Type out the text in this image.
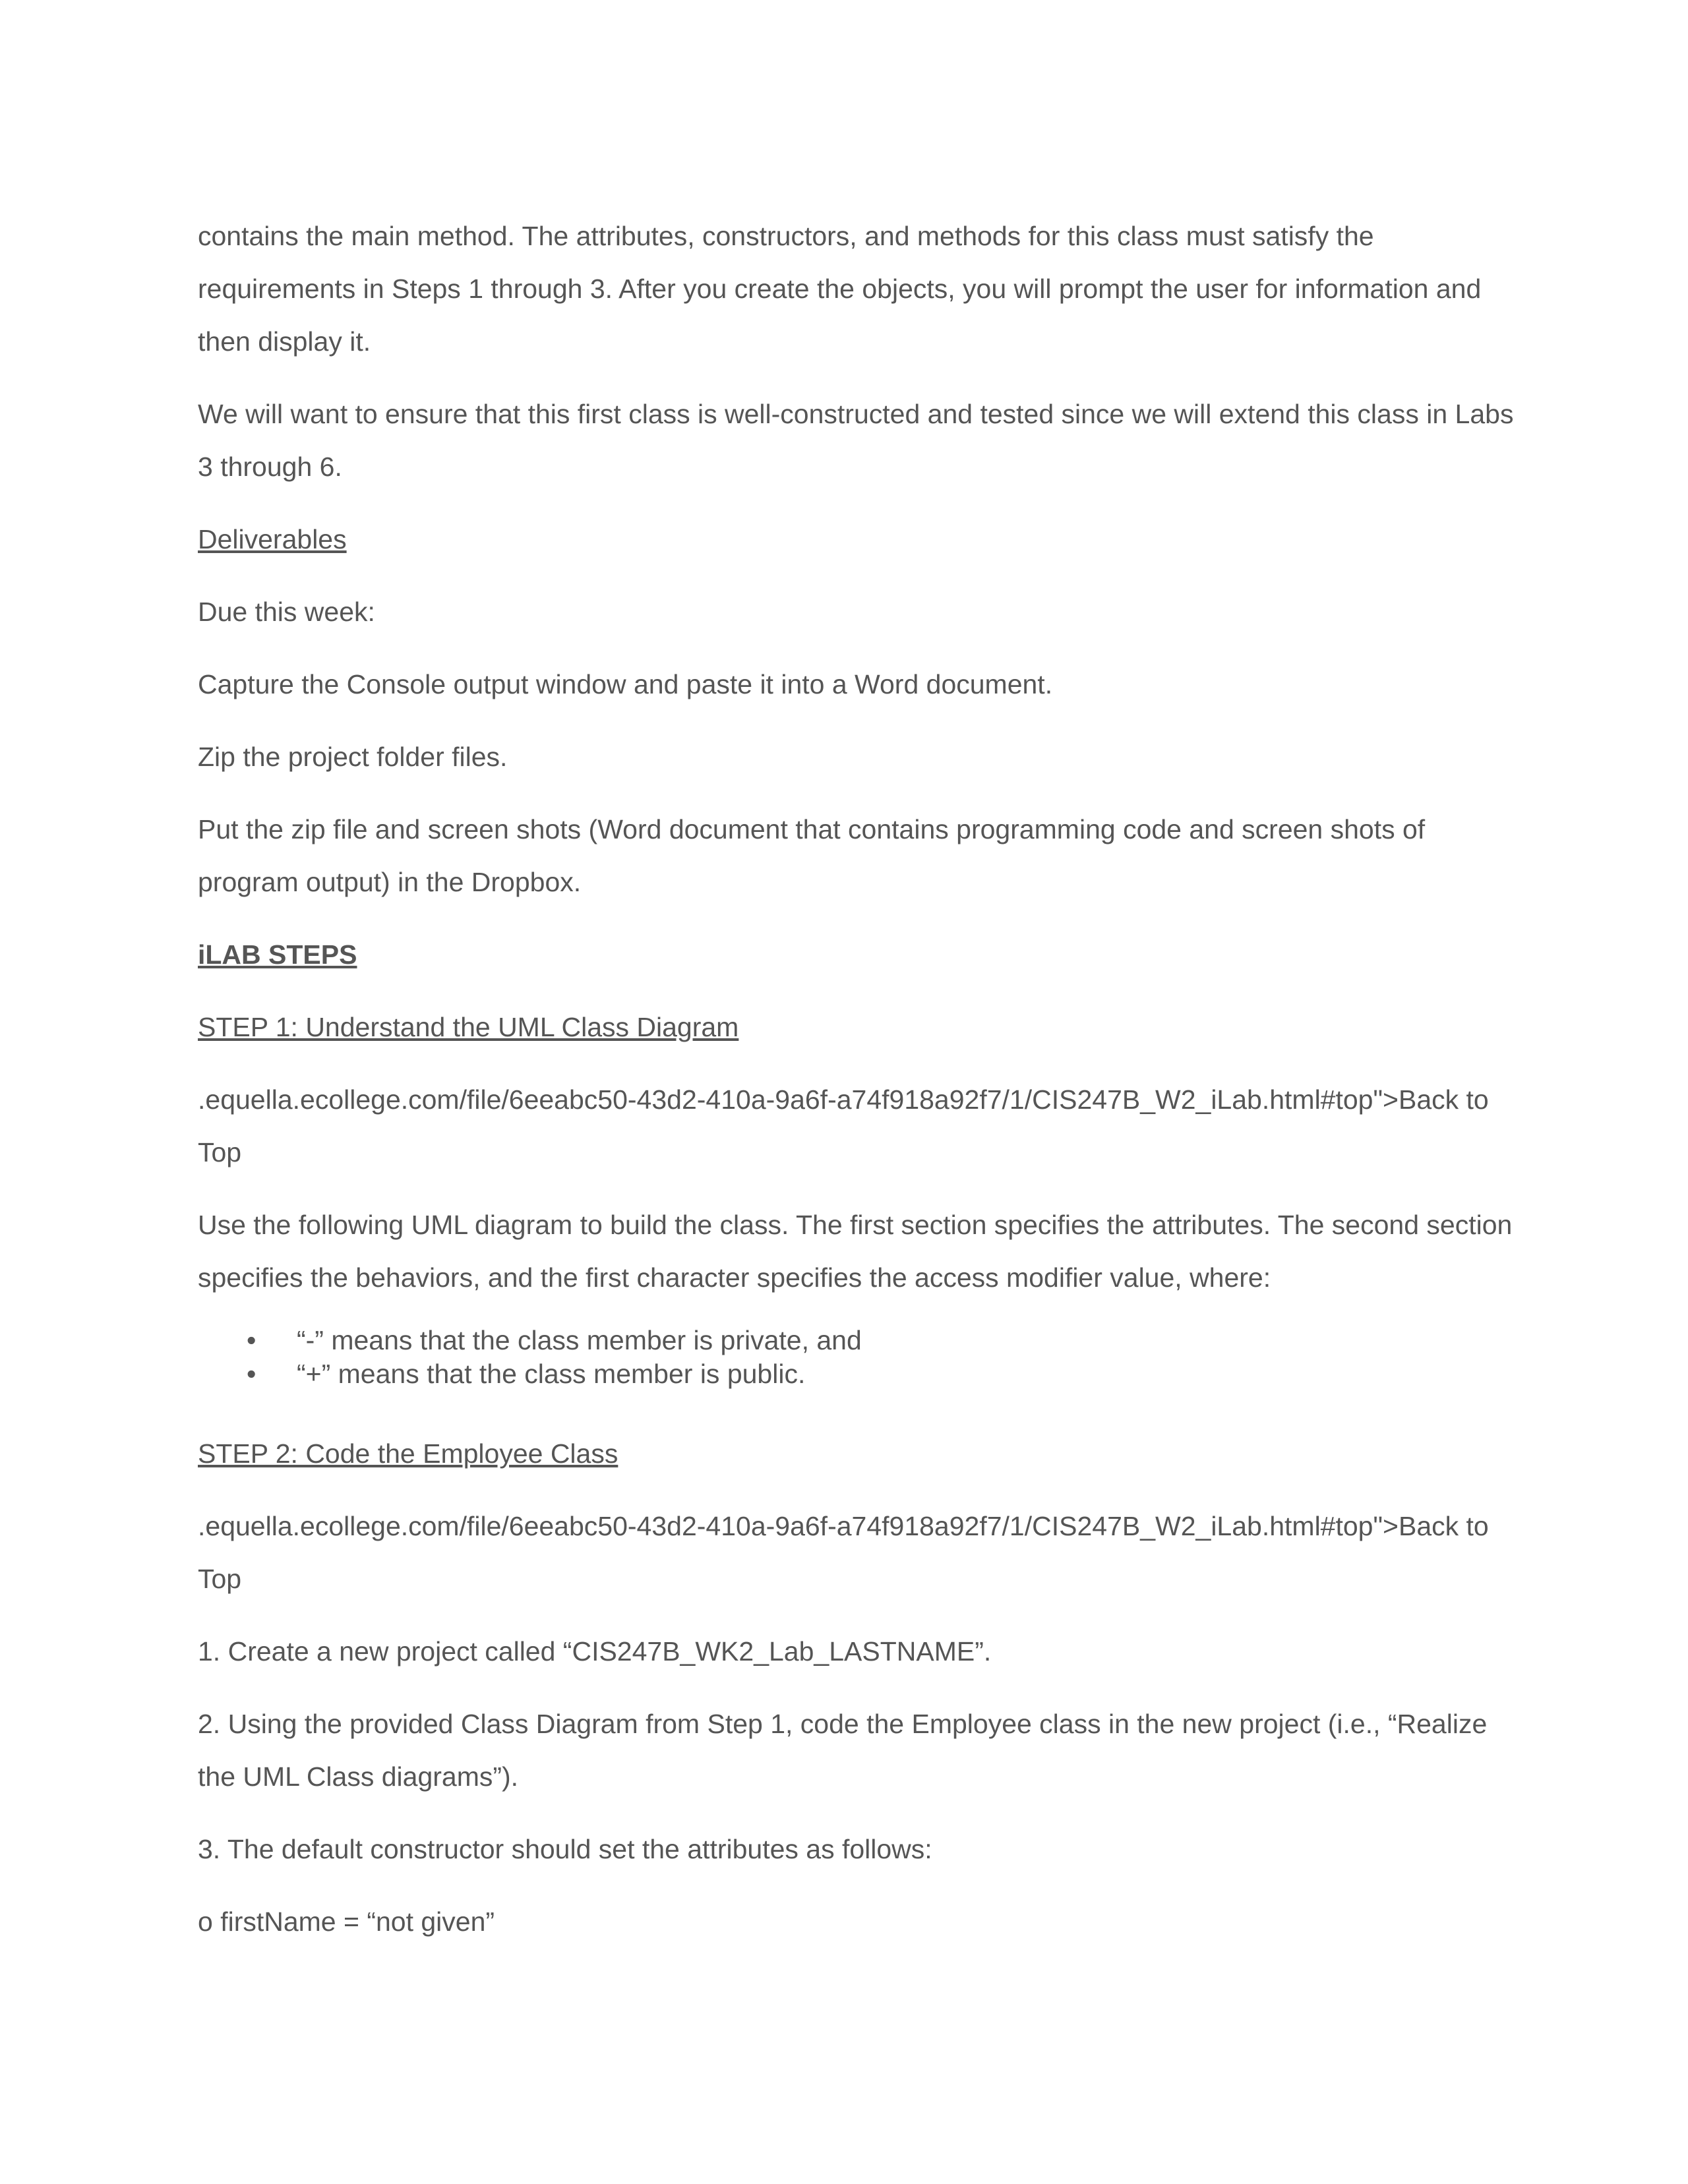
contains the main method. The attributes, constructors, and methods for this class must satisfy the requirements in Steps 1 through 3. After you create the objects, you will prompt the user for information and then display it.

We will want to ensure that this first class is well-constructed and tested since we will extend this class in Labs 3 through 6.

Deliverables

Due this week:

Capture the Console output window and paste it into a Word document.

Zip the project folder files.

Put the zip file and screen shots (Word document that contains programming code and screen shots of program output) in the Dropbox.

iLAB STEPS

STEP 1: Understand the UML Class Diagram

.equella.ecollege.com/file/6eeabc50-43d2-410a-9a6f-a74f918a92f7/1/CIS247B_W2_iLab.html#top">Back to Top

Use the following UML diagram to build the class. The first section specifies the attributes. The second section specifies the behaviors, and the first character specifies the access modifier value, where:

• “-” means that the class member is private, and
• “+” means that the class member is public.

STEP 2: Code the Employee Class

.equella.ecollege.com/file/6eeabc50-43d2-410a-9a6f-a74f918a92f7/1/CIS247B_W2_iLab.html#top">Back to Top

1. Create a new project called “CIS247B_WK2_Lab_LASTNAME”.

2. Using the provided Class Diagram from Step 1, code the Employee class in the new project (i.e., “Realize the UML Class diagrams”).

3. The default constructor should set the attributes as follows:

o firstName = “not given”
